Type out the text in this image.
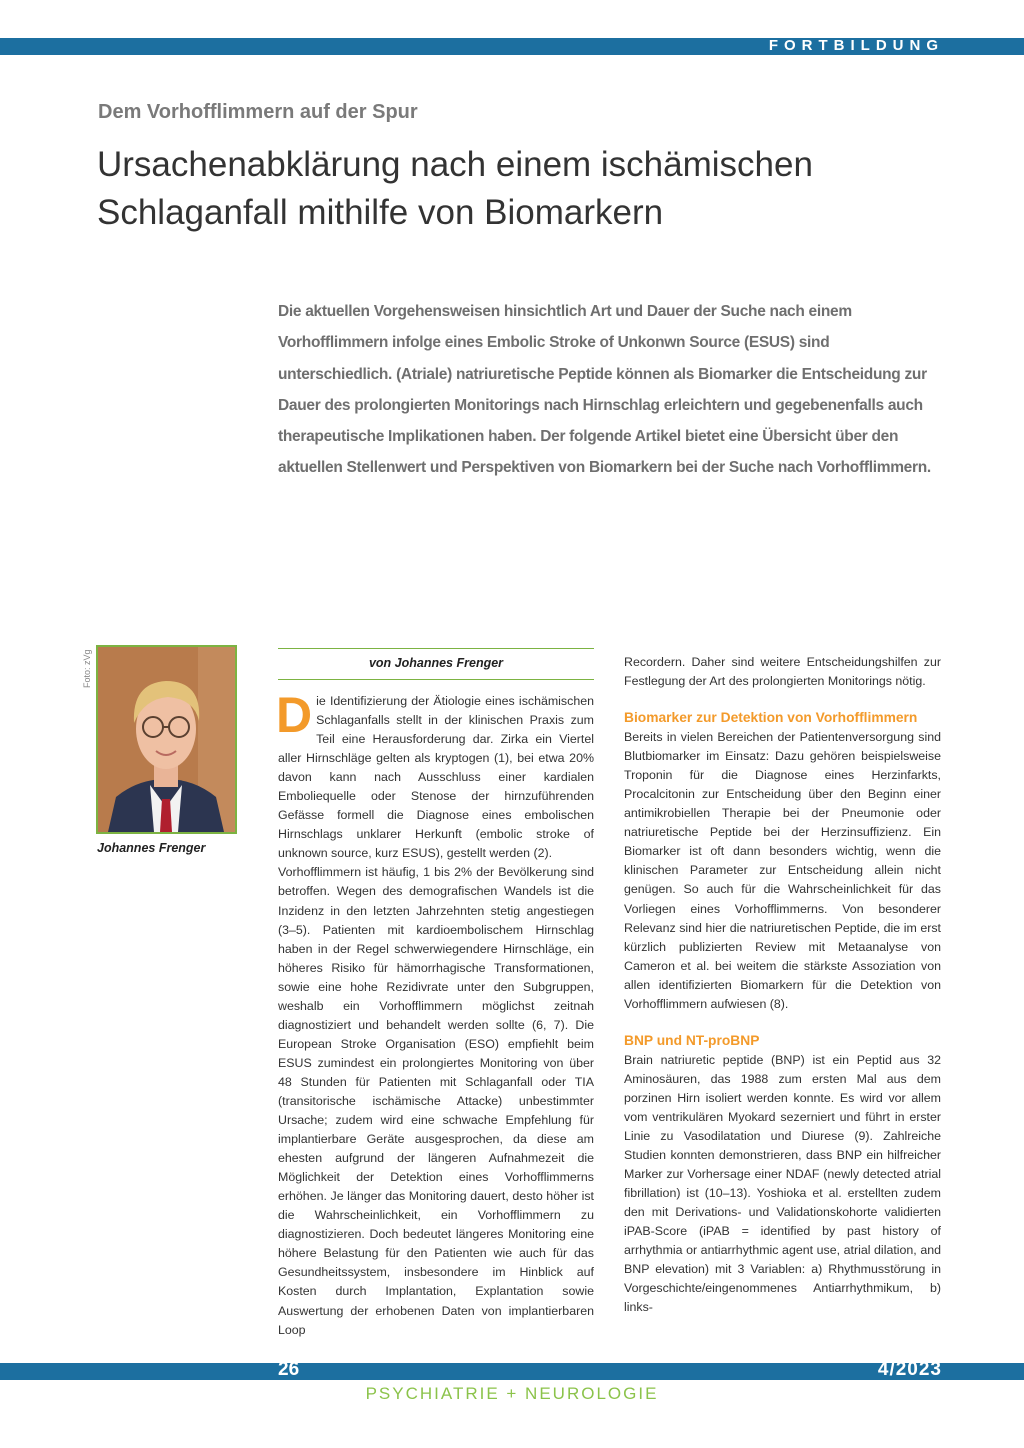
FORTBILDUNG
Dem Vorhofflimmern auf der Spur
Ursachenabklärung nach einem ischämischen Schlaganfall mithilfe von Biomarkern

Die aktuellen Vorgehensweisen hinsichtlich Art und Dauer der Suche nach einem Vorhofflimmern infolge eines Embolic Stroke of Unkonwn Source (ESUS) sind unterschiedlich. (Atriale) natriuretische Peptide können als Biomarker die Entscheidung zur Dauer des prolongierten Monitorings nach Hirnschlag erleichtern und gegebenenfalls auch therapeutische Implikationen haben. Der folgende Artikel bietet eine Übersicht über den aktuellen Stellenwert und Perspektiven von Biomarkern bei der Suche nach Vorhofflimmern.

Foto: zVg
Johannes Frenger
von Johannes Frenger

Die Identifizierung der Ätiologie eines ischämischen Schlaganfalls stellt in der klinischen Praxis zum Teil eine Herausforderung dar. Zirka ein Viertel aller Hirnschläge gelten als kryptogen (1), bei etwa 20% davon kann nach Ausschluss einer kardialen Emboliequelle oder Stenose der hirnzuführenden Gefässe formell die Diagnose eines embolischen Hirnschlags unklarer Herkunft (embolic stroke of unknown source, kurz ESUS), gestellt werden (2).

Vorhofflimmern ist häufig, 1 bis 2% der Bevölkerung sind betroffen. Wegen des demografischen Wandels ist die Inzidenz in den letzten Jahrzehnten stetig angestiegen (3–5). Patienten mit kardioembolischem Hirnschlag haben in der Regel schwerwiegendere Hirnschläge, ein höheres Risiko für hämorrhagische Transformationen, sowie eine hohe Rezidivrate unter den Subgruppen, weshalb ein Vorhofflimmern möglichst zeitnah diagnostiziert und behandelt werden sollte (6, 7). Die European Stroke Organisation (ESO) empfiehlt beim ESUS zumindest ein prolongiertes Monitoring von über 48 Stunden für Patienten mit Schlaganfall oder TIA (transitorische ischämische Attacke) unbestimmter Ursache; zudem wird eine schwache Empfehlung für implantierbare Geräte ausgesprochen, da diese am ehesten aufgrund der längeren Aufnahmezeit die Möglichkeit der Detektion eines Vorhofflimmerns erhöhen. Je länger das Monitoring dauert, desto höher ist die Wahrscheinlichkeit, ein Vorhofflimmern zu diagnostizieren. Doch bedeutet längeres Monitoring eine höhere Belastung für den Patienten wie auch für das Gesundheitssystem, insbesondere im Hinblick auf Kosten durch Implantation, Explantation sowie Auswertung der erhobenen Daten von implantierbaren Loop

Recordern. Daher sind weitere Entscheidungshilfen zur Festlegung der Art des prolongierten Monitorings nötig.

Biomarker zur Detektion von Vorhofflimmern

Bereits in vielen Bereichen der Patientenversorgung sind Blutbiomarker im Einsatz: Dazu gehören beispielsweise Troponin für die Diagnose eines Herzinfarkts, Procalcitonin zur Entscheidung über den Beginn einer antimikrobiellen Therapie bei der Pneumonie oder natriuretische Peptide bei der Herzinsuffizienz. Ein Biomarker ist oft dann besonders wichtig, wenn die klinischen Parameter zur Entscheidung allein nicht genügen. So auch für die Wahrscheinlichkeit für das Vorliegen eines Vorhofflimmerns. Von besonderer Relevanz sind hier die natriuretischen Peptide, die im erst kürzlich publizierten Review mit Metaanalyse von Cameron et al. bei weitem die stärkste Assoziation von allen identifizierten Biomarkern für die Detektion von Vorhofflimmern aufwiesen (8).

BNP und NT-proBNP

Brain natriuretic peptide (BNP) ist ein Peptid aus 32 Aminosäuren, das 1988 zum ersten Mal aus dem porzinen Hirn isoliert werden konnte. Es wird vor allem vom ventrikulären Myokard sezerniert und führt in erster Linie zu Vasodilatation und Diurese (9). Zahlreiche Studien konnten demonstrieren, dass BNP ein hilfreicher Marker zur Vorhersage einer NDAF (newly detected atrial fibrillation) ist (10–13). Yoshioka et al. erstellten zudem den mit Derivations- und Validationskohorte validierten iPAB-Score (iPAB = identified by past history of arrhythmia or antiarrhythmic agent use, atrial dilation, and BNP elevation) mit 3 Variablen: a) Rhythmusstörung in Vorgeschichte/eingenommenes Antiarrhythmikum, b) links-

26	4/2023
PSYCHIATRIE + NEUROLOGIE
